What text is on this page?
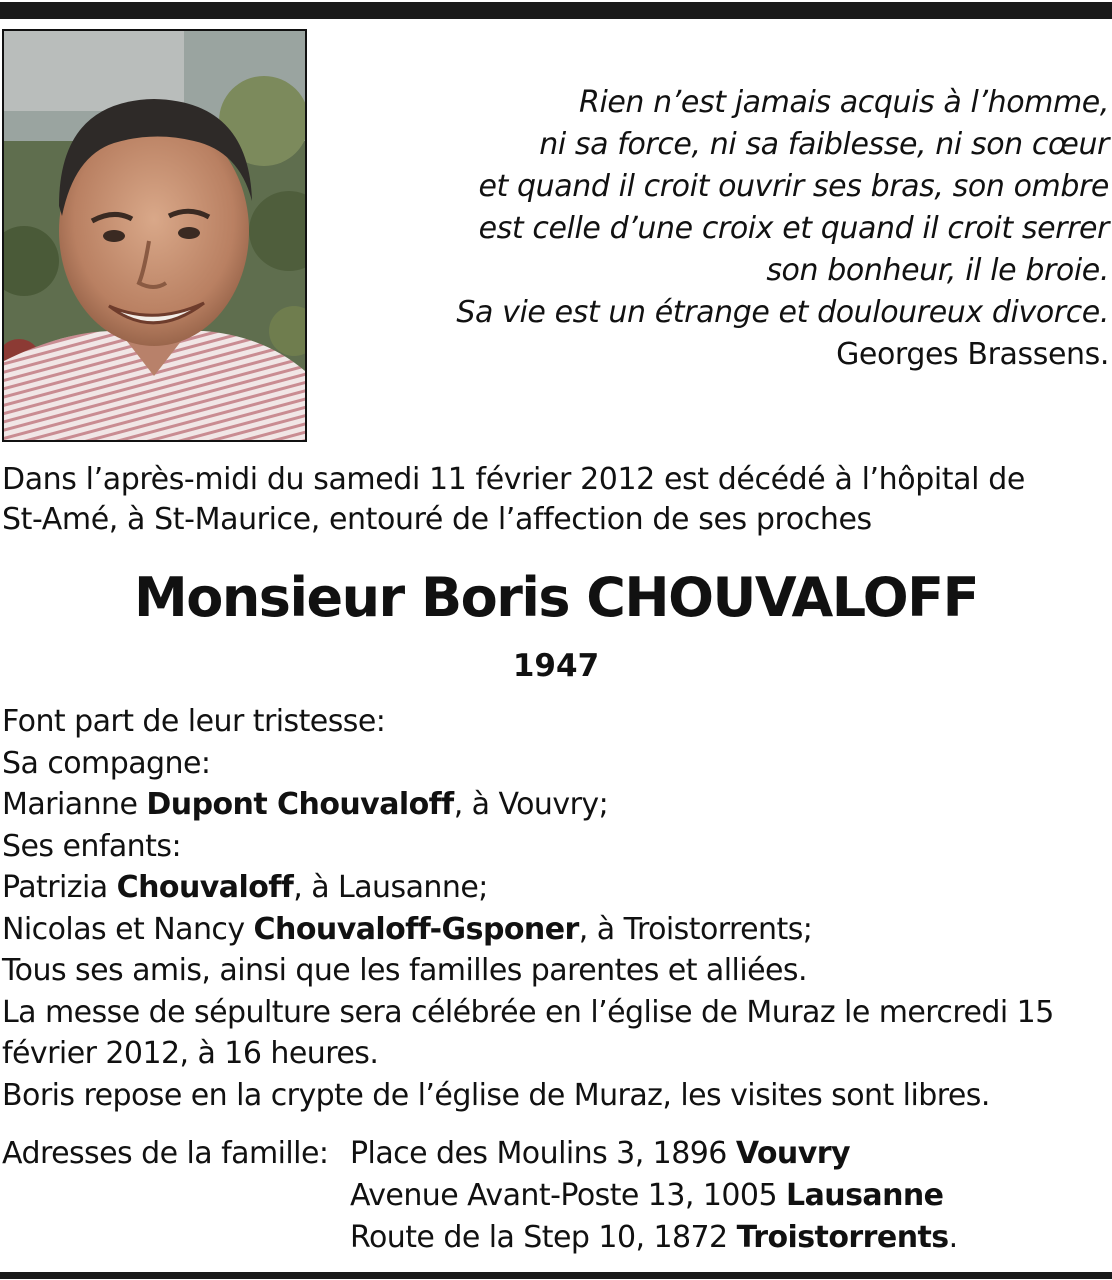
Rien n’est jamais acquis à l’homme,
ni sa force, ni sa faiblesse, ni son cœur
et quand il croit ouvrir ses bras, son ombre
est celle d’une croix et quand il croit serrer
son bonheur, il le broie.
Sa vie est un étrange et douloureux divorce.
Georges Brassens.
Dans l’après-midi du samedi 11 février 2012 est décédé à l’hôpital de
St-Amé, à St-Maurice, entouré de l’affection de ses proches
Monsieur Boris CHOUVALOFF
1947
Font part de leur tristesse:
Sa compagne:
Marianne Dupont Chouvaloff, à Vouvry;
Ses enfants:
Patrizia Chouvaloff, à Lausanne;
Nicolas et Nancy Chouvaloff-Gsponer, à Troistorrents;
Tous ses amis, ainsi que les familles parentes et alliées.
La messe de sépulture sera célébrée en l’église de Muraz le mercredi 15
février 2012, à 16 heures.
Boris repose en la crypte de l’église de Muraz, les visites sont libres.
Adresses de la famille: Place des Moulins 3, 1896 Vouvry
Avenue Avant-Poste 13, 1005 Lausanne
Route de la Step 10, 1872 Troistorrents.
